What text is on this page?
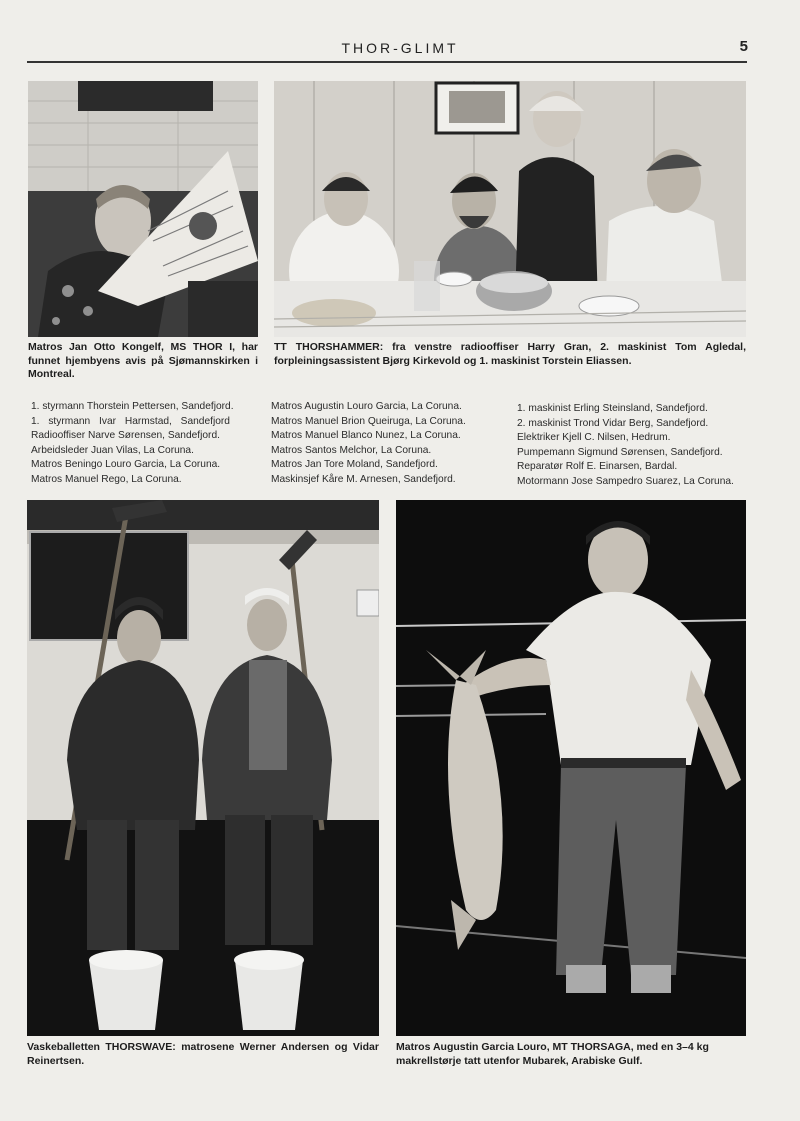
THOR-GLIMT	5
Matros Jan Otto Kongelf, MS THOR I, har funnet hjembyens avis på Sjømannskirken i Montreal.
TT THORSHAMMER: fra venstre radiooffiser Harry Gran, 2. maskinist Tom Agledal, forpleiningsassistent Bjørg Kirkevold og 1. maskinist Torstein Eliassen.
1. styrmann Thorstein Pettersen, Sandefjord.
1. styrmann Ivar Harmstad, Sandefjord
Radiooffiser Narve Sørensen, Sandefjord.
Arbeidsleder Juan Vilas, La Coruna.
Matros Beningo Louro Garcia, La Coruna.
Matros Manuel Rego, La Coruna.
Matros Augustin Louro Garcia, La Coruna.
Matros Manuel Brion Queiruga, La Coruna.
Matros Manuel Blanco Nunez, La Coruna.
Matros Santos Melchor, La Coruna.
Matros Jan Tore Moland, Sandefjord.
Maskinsjef Kåre M. Arnesen, Sandefjord.
1. maskinist Erling Steinsland, Sandefjord.
2. maskinist Trond Vidar Berg, Sandefjord.
Elektriker Kjell C. Nilsen, Hedrum.
Pumpemann Sigmund Sørensen, Sandefjord.
Reparatør Rolf E. Einarsen, Bardal.
Motormann Jose Sampedro Suarez, La Coruna.
Vaskeballetten THORSWAVE: matrosene Werner Andersen og Vidar Reinertsen.
Matros Augustin Garcia Louro, MT THORSAGA, med en 3–4 kg makrellstørje tatt utenfor Mubarek, Arabiske Gulf.
